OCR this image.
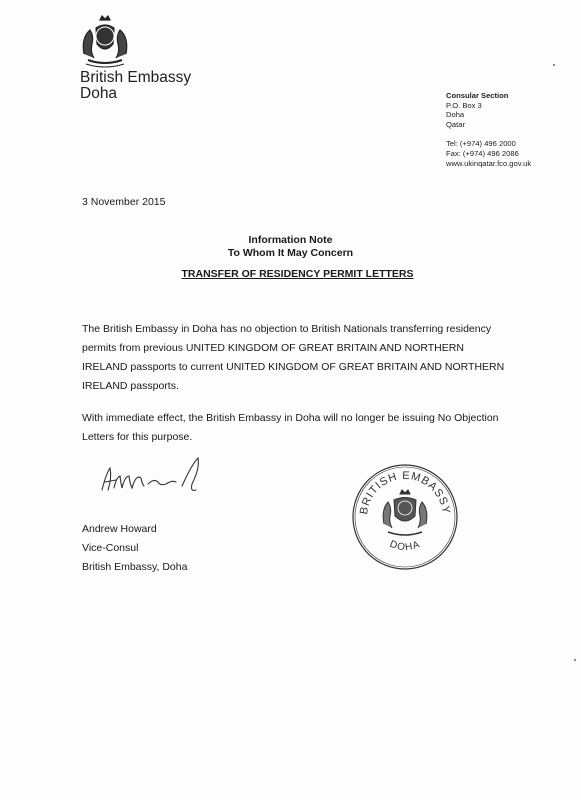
British Embassy
Doha	Consular Section
P.O. Box 3
Doha
Qatar
Tel: (+974) 496 2000
Fax: (+974) 496 2086
www.ukinqatar.fco.gov.uk
3 November 2015
Information Note
To Whom It May Concern
TRANSFER OF RESIDENCY PERMIT LETTERS
The British Embassy in Doha has no objection to British Nationals transferring residency
permits from previous UNITED KINGDOM OF GREAT BRITAIN AND NORTHERN
IRELAND passports to current UNITED KINGDOM OF GREAT BRITAIN AND NORTHERN
IRELAND passports.
With immediate effect, the British Embassy in Doha will no longer be issuing No Objection
Letters for this purpose.
Andrew Howard
Vice-Consul
British Embassy, Doha
BRITISH EMBASSY
DOHA
